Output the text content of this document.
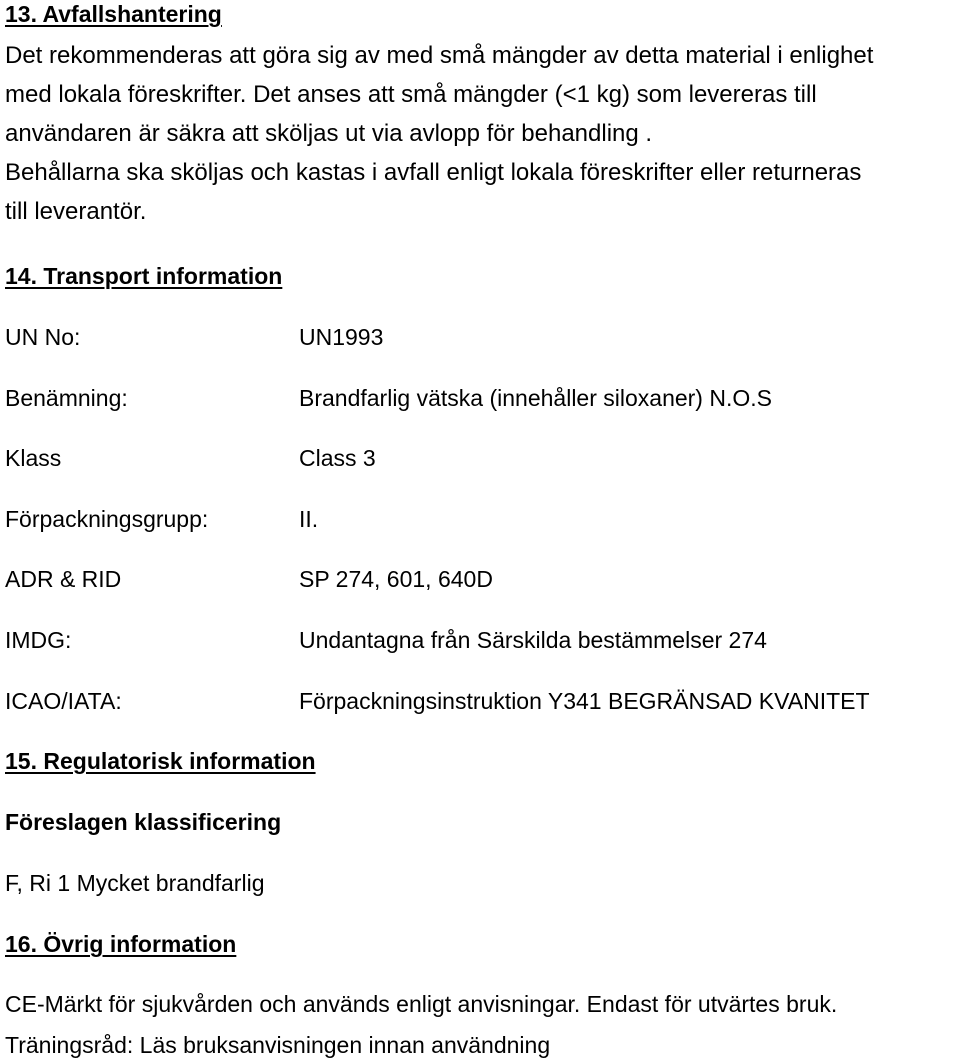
13. Avfallshantering
Det rekommenderas att göra sig av med små mängder av detta material i enlighet
med lokala föreskrifter. Det anses att små mängder (<1 kg) som levereras till
användaren är säkra att sköljas ut via avlopp för behandling .
Behållarna ska sköljas och kastas i avfall enligt lokala föreskrifter eller returneras
till leverantör.
14. Transport information
UN No:	UN1993
Benämning:	Brandfarlig vätska (innehåller siloxaner) N.O.S
Klass	Class 3
Förpackningsgrupp:	II.
ADR & RID	SP 274, 601, 640D
IMDG:	Undantagna från Särskilda bestämmelser 274
ICAO/IATA:	Förpackningsinstruktion Y341 BEGRÄNSAD KVANITET
15. Regulatorisk information
Föreslagen klassificering
F, Ri 1 Mycket brandfarlig
16. Övrig information
CE-Märkt för sjukvården och används enligt anvisningar. Endast för utvärtes bruk.
Träningsråd: Läs bruksanvisningen innan användning
